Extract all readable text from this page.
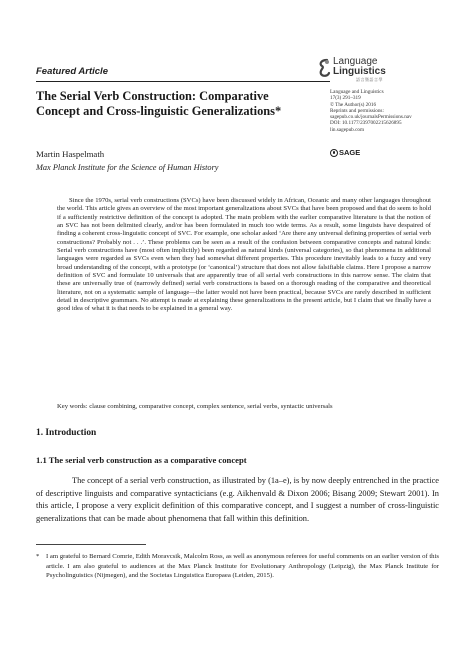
Featured Article
Language
Linguistics
語言暨語言學
The Serial Verb Construction: Comparative Concept and Cross-linguistic Generalizations*
Language and Linguistics
17(3) 291–319
© The Author(s) 2016
Reprints and permissions:
sagepub.co.uk/journalsPermissions.nav
DOI: 10.1177/2397002215626895
lin.sagepub.com
SAGE
Martin Haspelmath
Max Planck Institute for the Science of Human History
Since the 1970s, serial verb constructions (SVCs) have been discussed widely in African, Oceanic and many other languages throughout the world. This article gives an overview of the most important generalizations about SVCs that have been proposed and that do seem to hold if a sufficiently restrictive definition of the concept is adopted. The main problem with the earlier comparative literature is that the notion of an SVC has not been delimited clearly, and/or has been formulated in much too wide terms. As a result, some linguists have despaired of finding a coherent cross-linguistic concept of SVC. For example, one scholar asked ‘Are there any universal defining properties of serial verb constructions? Probably not . . .’. These problems can be seen as a result of the confusion between comparative concepts and natural kinds: Serial verb constructions have (most often implicitly) been regarded as natural kinds (universal categories), so that phenomena in additional languages were regarded as SVCs even when they had somewhat different properties. This procedure inevitably leads to a fuzzy and very broad understanding of the concept, with a prototype (or ‘canonical’) structure that does not allow falsifiable claims. Here I propose a narrow definition of SVC and formulate 10 universals that are apparently true of all serial verb constructions in this narrow sense. The claim that these are universally true of (narrowly defined) serial verb constructions is based on a thorough reading of the comparative and theoretical literature, not on a systematic sample of language—the latter would not have been practical, because SVCs are rarely described in sufficient detail in descriptive grammars. No attempt is made at explaining these generalizations in the present article, but I claim that we finally have a good idea of what it is that needs to be explained in a general way.
Key words: clause combining, comparative concept, complex sentence, serial verbs, syntactic universals
1. Introduction
1.1 The serial verb construction as a comparative concept
The concept of a serial verb construction, as illustrated by (1a–e), is by now deeply entrenched in the practice of descriptive linguists and comparative syntacticians (e.g. Aikhenvald & Dixon 2006; Bisang 2009; Stewart 2001). In this article, I propose a very explicit definition of this comparative concept, and I suggest a number of cross-linguistic generalizations that can be made about phenomena that fall within this definition.
* I am grateful to Bernard Comrie, Edith Moravcsik, Malcolm Ross, as well as anonymous referees for useful comments on an earlier version of this article. I am also grateful to audiences at the Max Planck Institute for Evolutionary Anthropology (Leipzig), the Max Planck Institute for Psycholinguistics (Nijmegen), and the Societas Linguistica Europaea (Leiden, 2015).
